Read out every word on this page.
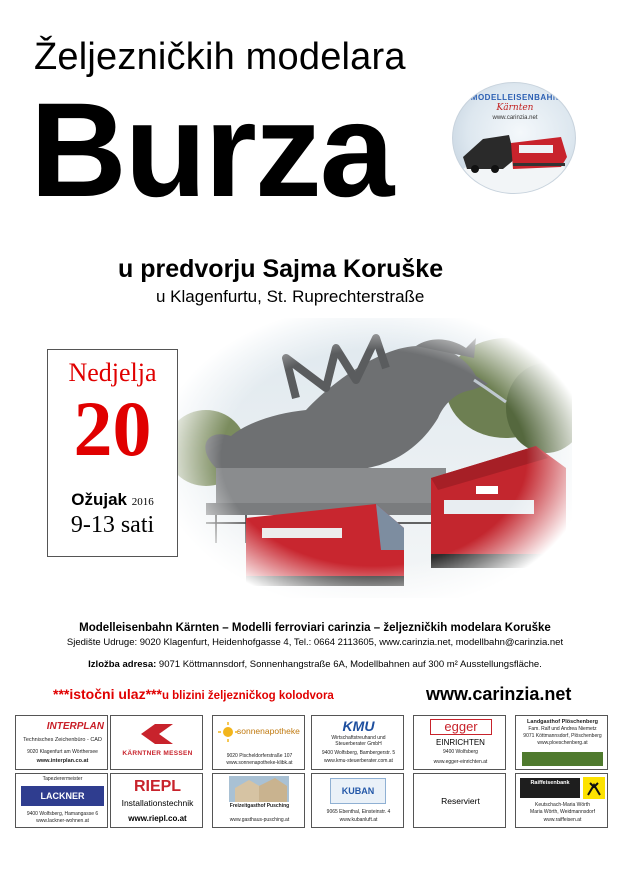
Željezničkih modelara
Burza	MODELLEISENBAHN
Kärnten
www.carinzia.net
u predvorju Sajma Koruške
u Klagenfurtu, St. Ruprechterstraße
Nedjelja
20
Ožujak 2016
9-13 sati
Modelleisenbahn Kärnten – Modelli ferroviari carinzia – željezničkih modelara Koruške
Sjedište Udruge: 9020 Klagenfurt, Heidenhofgasse 4, Tel.: 0664 2113605, www.carinzia.net, modellbahn@carinzia.net
Izložba adresa: 9071 Köttmannsdorf, Sonnenhangstraße 6A, Modellbahnen auf 300 m² Ausstellungsfläche.
***istočni ulaz***u blizini željezničkog kolodvora	www.carinzia.net
INTERPLAN
Technisches Zeichenbüro - CAD
9020 Klagenfurt am Wörthersee
www.interplan.co.at
KÄRNTNER MESSEN
sonnenapotheke
9020 Pischeldorferstraße 107
www.sonnenapotheke-klibk.at
KMU
Wirtschaftstreuhand und Steuerberater GmbH
9400 Wolfsberg, Bambergerstr. 5
www.kmu-steuerberater.com.at
egger
EINRICHTEN
9400 Wolfsberg
www.egger-einrichten.at
Landgasthof Plöschenberg
Fam. Ralf und Andrea Niemetz
9071 Köttmannsdorf, Plöschenberg
www.ploeschenberg.at
Tapezierermeister
LACKNER
9400 Wolfsberg, Hamangasse 6
www.lackner-wohnen.at
RIEPL
Installationstechnik
www.riepl.co.at
Freizeitgasthof Pusching
www.gasthaus-pusching.at
KUBAN
9065 Ebenthal, Einsteinstr. 4
www.kubanluft.at
Reserviert
Raiffeisenbank
Keutschach-Maria Wörth
Maria Wörth, Weidmannsdorf
www.raiffeisen.at
